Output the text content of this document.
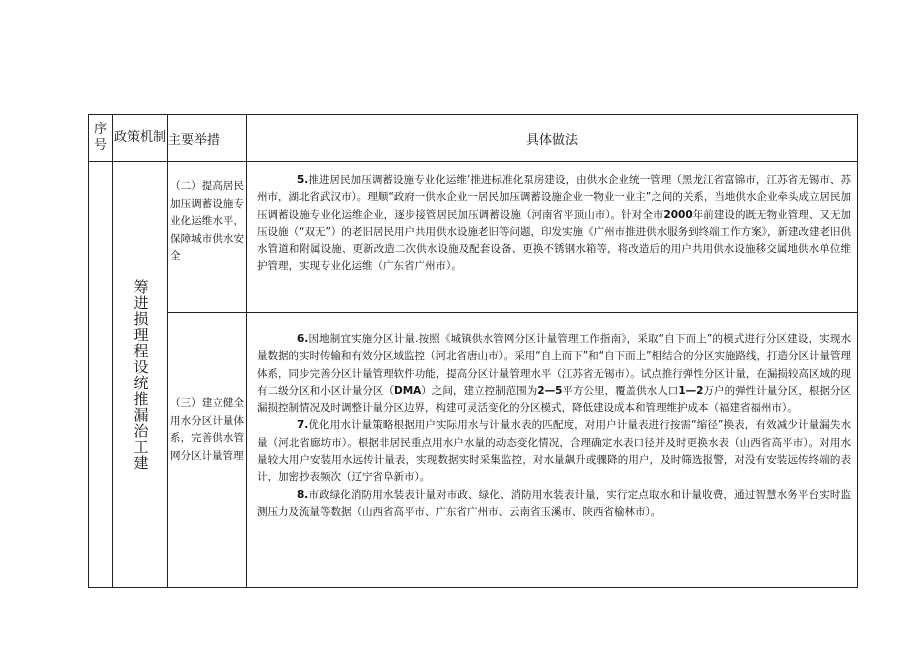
序号	政策机制	主要举措	具体做法

	筹进损理程设统推漏治工建	（二）提高居民加压调蓄设施专业化运维水平，保障城市供水安全	5.推进居民加压调蓄设施专业化运维’推进标准化泵房建设，由供水企业统一管理（黑龙江省富锦市，江苏省无锡市、苏州市，湖北省武汉市）。理顺“政府一供水企业一居民加压调蓄设施企业一物业一业主”之间的关系，当地供水企业牵头成立居民加压调蓄设施专业化运维企业，逐步接管居民加压调蓄设施（河南省平顶山市）。针对全市2000年前建设的既无物业管理、又无加压设施（“双无”）的老旧居民用户共用供水设施老旧等问题，印发实施《广州市推进供水服务到终端工作方案》，新建改建老旧供水管道和附属设施、更新改造二次供水设施及配套设备、更换不锈钢水箱等，将改造后的用户共用供水设施移交属地供水单位维护管理，实现专业化运维（广东省广州市）。

		（三）建立健全用水分区计量体系，完善供水管网分区计量管理	6.因地制宜实施分区计量.按照《城镇供水管网分区计量管理工作指南》，采取“自下而上”的模式进行分区建设，实现水量数据的实时传输和有效分区域监控（河北省唐山市）。采用“自上而下”和“自下而上”相结合的分区实施路线，打造分区计量管理体系，同步完善分区计量管理软件功能，提高分区计量管理水平（江苏省无锡市）。试点推行弹性分区计量，在漏损较高区域的现有二级分区和小区计量分区（DMA）之间，建立控制范围为2—5平方公里，覆盖供水人口1—2万户的弹性计量分区，根据分区漏损控制情况及时调整计量分区边界，构建可灵活变化的分区模式，降低建设成本和管理维护成本（福建省福州市）。

7.优化用水计量策略根据用户实际用水与计量水表的匹配度，对用户计量表进行按需“缩径”换表，有效减少计量漏失水量（河北省廊坊市）。根据非居民重点用水户水量的动态变化情况，合理确定水表口径并及时更换水表（山西省高平市）。对用水量较大用户安装用水远传计量表，实现数据实时采集监控，对水量飙升或骤降的用户，及时筛选报警，对没有安装远传终端的表计，加密抄表频次（辽宁省阜新市）。

8.市政绿化消防用水装表计量对市政、绿化、消防用水装表计量，实行定点取水和计量收费，通过智慧水务平台实时监测压力及流量等数据（山西省高平市、广东省广州市、云南省玉溪市、陕西省榆林市）。
